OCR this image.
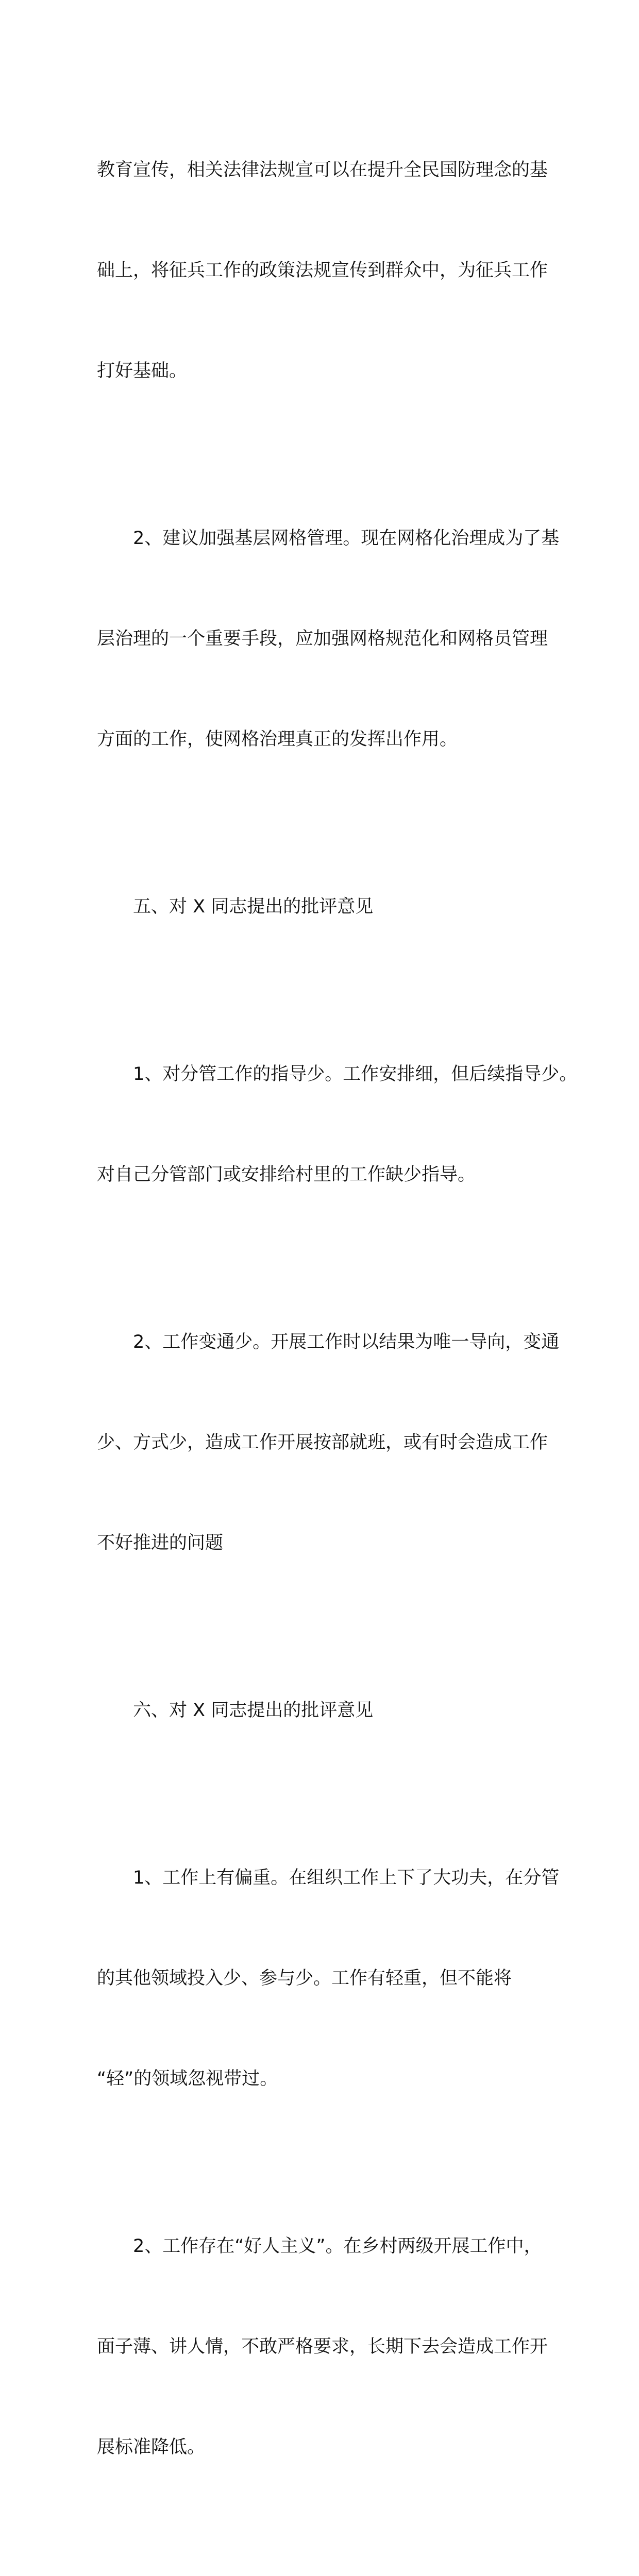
教育宣传，相关法律法规宣可以在提升全民国防理念的基

础上，将征兵工作的政策法规宣传到群众中，为征兵工作

打好基础。

2、建议加强基层网格管理。现在网格化治理成为了基

层治理的一个重要手段，应加强网格规范化和网格员管理

方面的工作，使网格治理真正的发挥出作用。

五、对 X 同志提出的批评意见

1、对分管工作的指导少。工作安排细，但后续指导少。

对自己分管部门或安排给村里的工作缺少指导。

2、工作变通少。开展工作时以结果为唯一导向，变通

少、方式少，造成工作开展按部就班，或有时会造成工作

不好推进的问题

六、对 X 同志提出的批评意见

1、工作上有偏重。在组织工作上下了大功夫，在分管

的其他领域投入少、参与少。工作有轻重，但不能将

“轻”的领域忽视带过。

2、工作存在“好人主义”。在乡村两级开展工作中，

面子薄、讲人情，不敢严格要求，长期下去会造成工作开

展标准降低。
